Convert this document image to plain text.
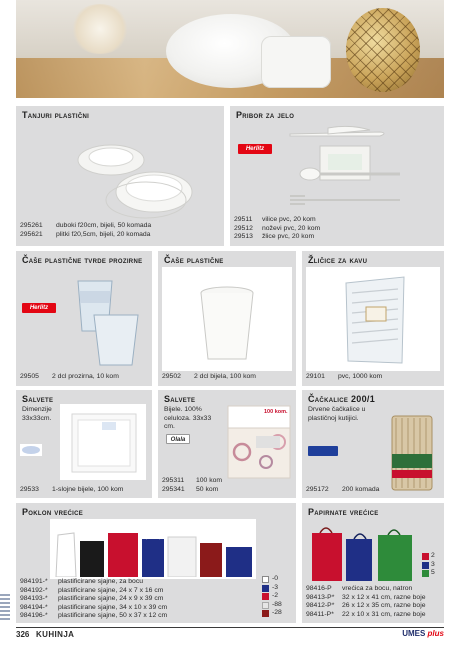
Tanjuri plastični
295261 duboki f20cm, bijeli, 50 komada
295621 plitki f20,5cm, bijeli, 20 komada
Pribor za jelo
Herlitz
29511 vilice pvc, 20 kom
29512 noževi pvc, 20 kom
29513 žlice pvc, 20 kom
Čaše plastične tvrde prozirne
Herlitz
29505 2 dcl prozirna, 10 kom
Čaše plastične
29502 2 dcl bijela, 100 kom
Žličice za kavu
29101 pvc, 1000 kom
Salvete
Dimenzije 33x33cm.
29533 1-slojne bijele, 100 kom
Salvete
Bijele. 100% celuloza. 33x33 cm.
Olala
100 kom.
295311 100 kom
295341 50 kom
Čačkalice 200/1
Drvene čačkalice u plastičnoj kutijici.
295172 200 komada
Poklon vrećice
984191-* plastificirane sjajne, za bocu
984192-* plastificirane sjajne, 24 x 7 x 16 cm
984193-* plastificirane sjajne, 24 x 9 x 39 cm
984194-* plastificirane sjajne, 34 x 10 x 39 cm
984196-* plastificirane sjajne, 50 x 37 x 12 cm
-0
-3
-2
-88
-28
Papirnate vrećice
2
3
5
98416-P vrećica za bocu, natron
98413-P* 32 x 12 x 41 cm, razne boje
98412-P* 26 x 12 x 35 cm, razne boje
98411-P* 22 x 10 x 31 cm, razne boje
326 KUHINJA	UMES plus
